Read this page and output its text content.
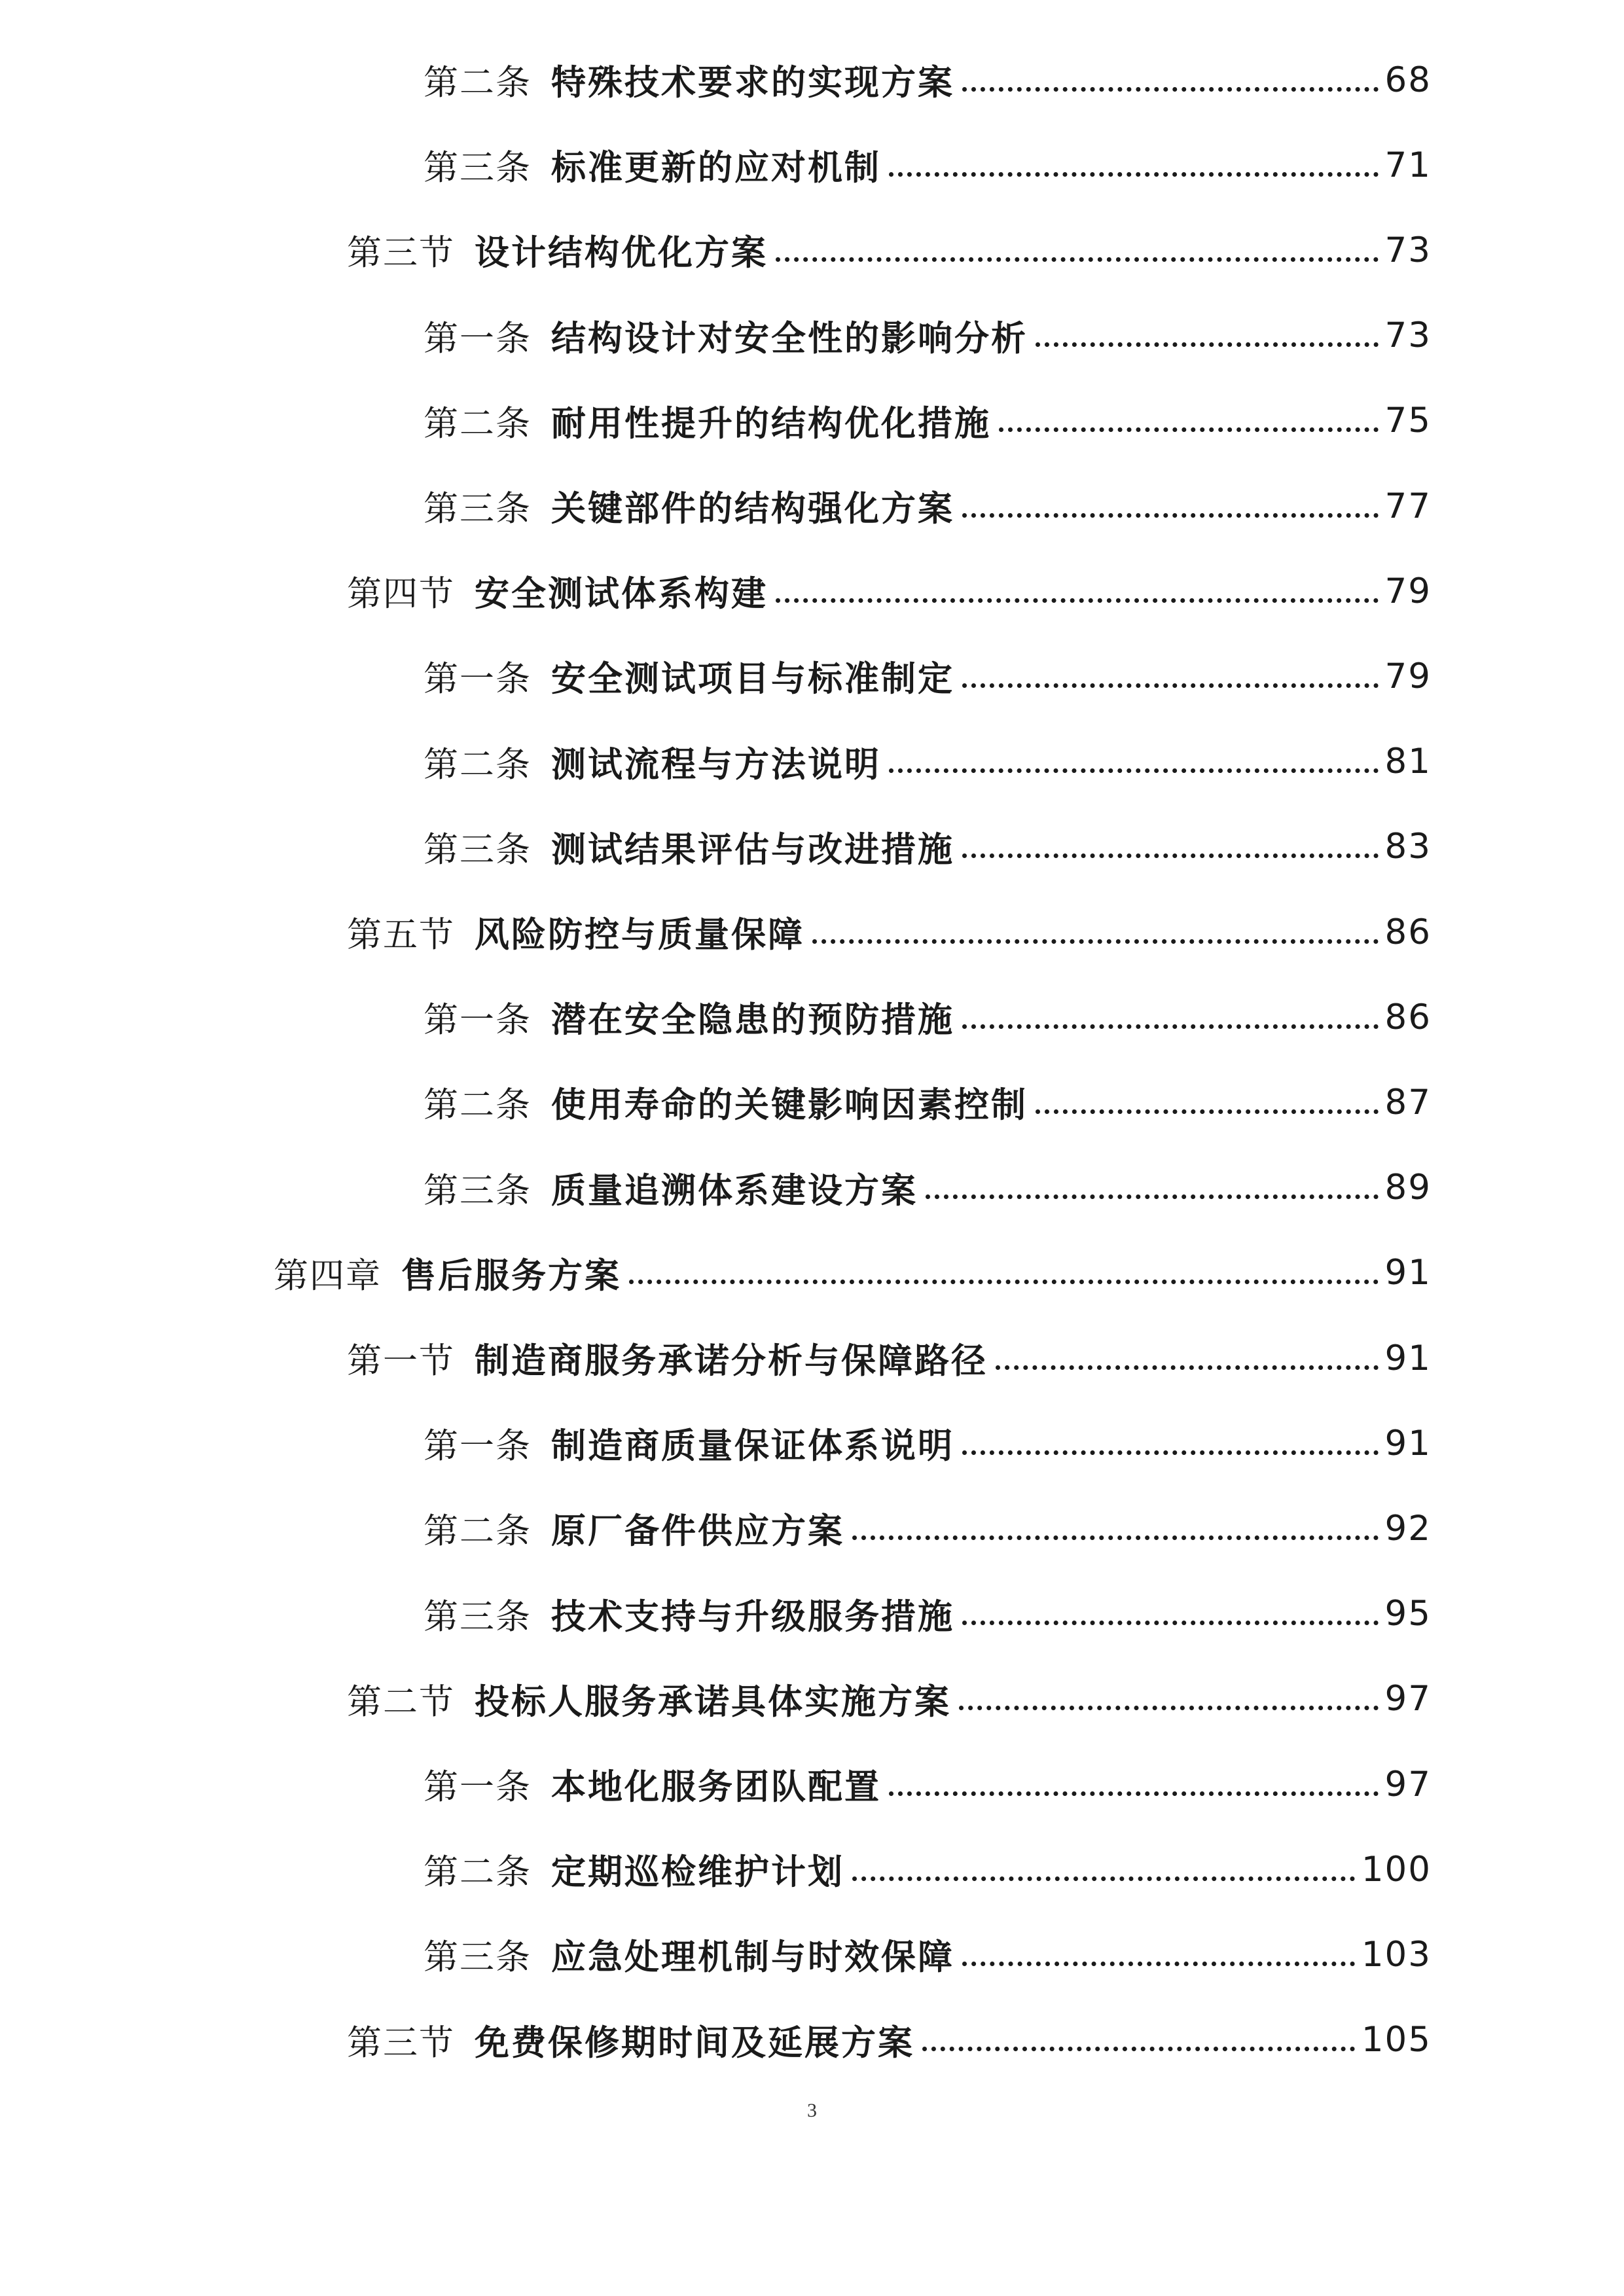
第二条 特殊技术要求的实现方案	68
第三条 标准更新的应对机制	71
第三节 设计结构优化方案	73
第一条 结构设计对安全性的影响分析	73
第二条 耐用性提升的结构优化措施	75
第三条 关键部件的结构强化方案	77
第四节 安全测试体系构建	79
第一条 安全测试项目与标准制定	79
第二条 测试流程与方法说明	81
第三条 测试结果评估与改进措施	83
第五节 风险防控与质量保障	86
第一条 潜在安全隐患的预防措施	86
第二条 使用寿命的关键影响因素控制	87
第三条 质量追溯体系建设方案	89
第四章 售后服务方案	91
第一节 制造商服务承诺分析与保障路径	91
第一条 制造商质量保证体系说明	91
第二条 原厂备件供应方案	92
第三条 技术支持与升级服务措施	95
第二节 投标人服务承诺具体实施方案	97
第一条 本地化服务团队配置	97
第二条 定期巡检维护计划	100
第三条 应急处理机制与时效保障	103
第三节 免费保修期时间及延展方案	105
3
